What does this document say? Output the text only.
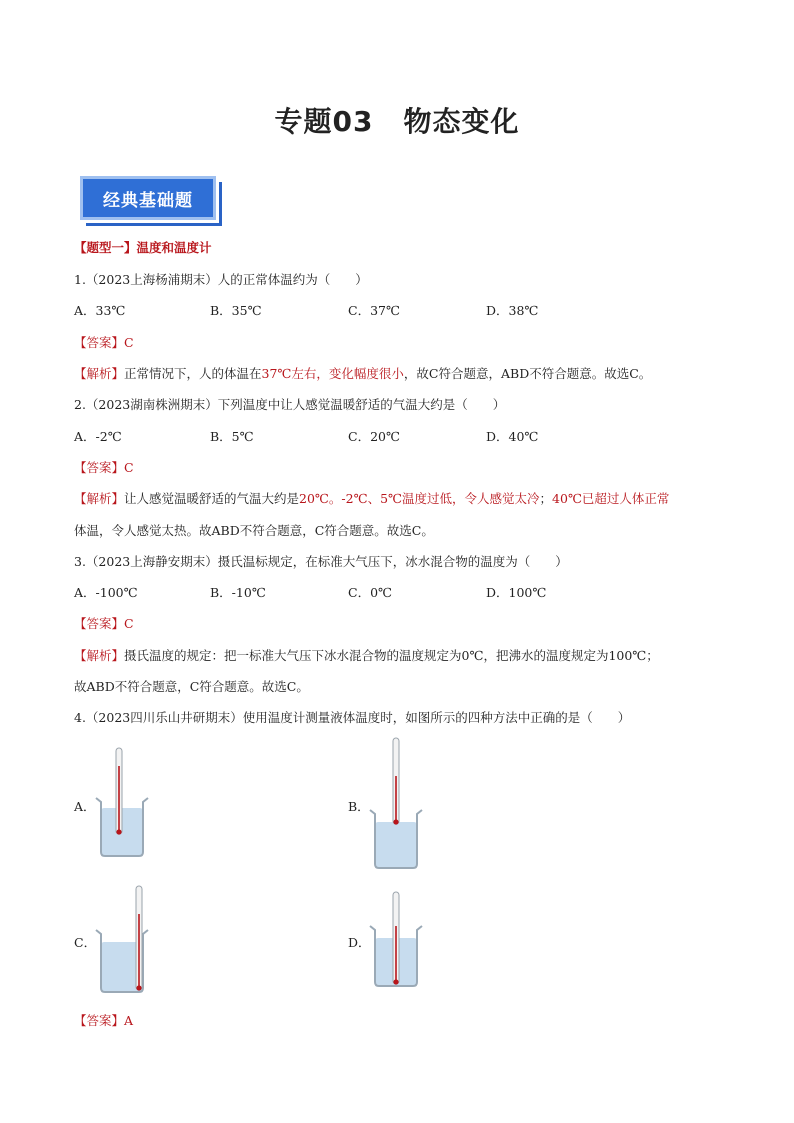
专题03 物态变化
经典基础题
【题型一】温度和温度计
1.（2023上海杨浦期末）人的正常体温约为（　　）
A．33℃	B．35℃	C．37℃	D．38℃
【答案】C
【解析】正常情况下，人的体温在37℃左右，变化幅度很小，故C符合题意，ABD不符合题意。故选C。
2.（2023湖南株洲期末）下列温度中让人感觉温暖舒适的气温大约是（　　）
A．-2℃	B．5℃	C．20℃	D．40℃
【答案】C
【解析】让人感觉温暖舒适的气温大约是20℃。-2℃、5℃温度过低，令人感觉太冷；40℃已超过人体正常
体温，令人感觉太热。故ABD不符合题意，C符合题意。故选C。
3.（2023上海静安期末）摄氏温标规定，在标准大气压下，冰水混合物的温度为（　　）
A．-100℃	B．-10℃	C．0℃	D．100℃
【答案】C
【解析】摄氏温度的规定：把一标准大气压下冰水混合物的温度规定为0℃，把沸水的温度规定为100℃；
故ABD不符合题意，C符合题意。故选C。
4.（2023四川乐山井研期末）使用温度计测量液体温度时，如图所示的四种方法中正确的是（　　）
A．	B．
C．	D．
【答案】A
